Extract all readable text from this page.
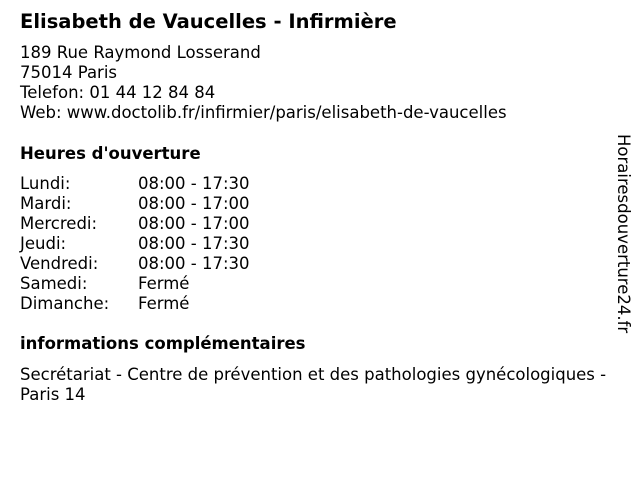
Elisabeth de Vaucelles - Infirmière
189 Rue Raymond Losserand
75014 Paris
Telefon: 01 44 12 84 84
Web: www.doctolib.fr/infirmier/paris/elisabeth-de-vaucelles
Heures d'ouverture
Lundi:	08:00 - 17:30
Mardi:	08:00 - 17:00
Mercredi: 08:00 - 17:00
Jeudi:	08:00 - 17:30
Vendredi: 08:00 - 17:30
Samedi:	Fermé
Dimanche: Fermé
informations complémentaires
Secrétariat - Centre de prévention et des pathologies gynécologiques - Paris 14
Horairesdouverture24.fr
